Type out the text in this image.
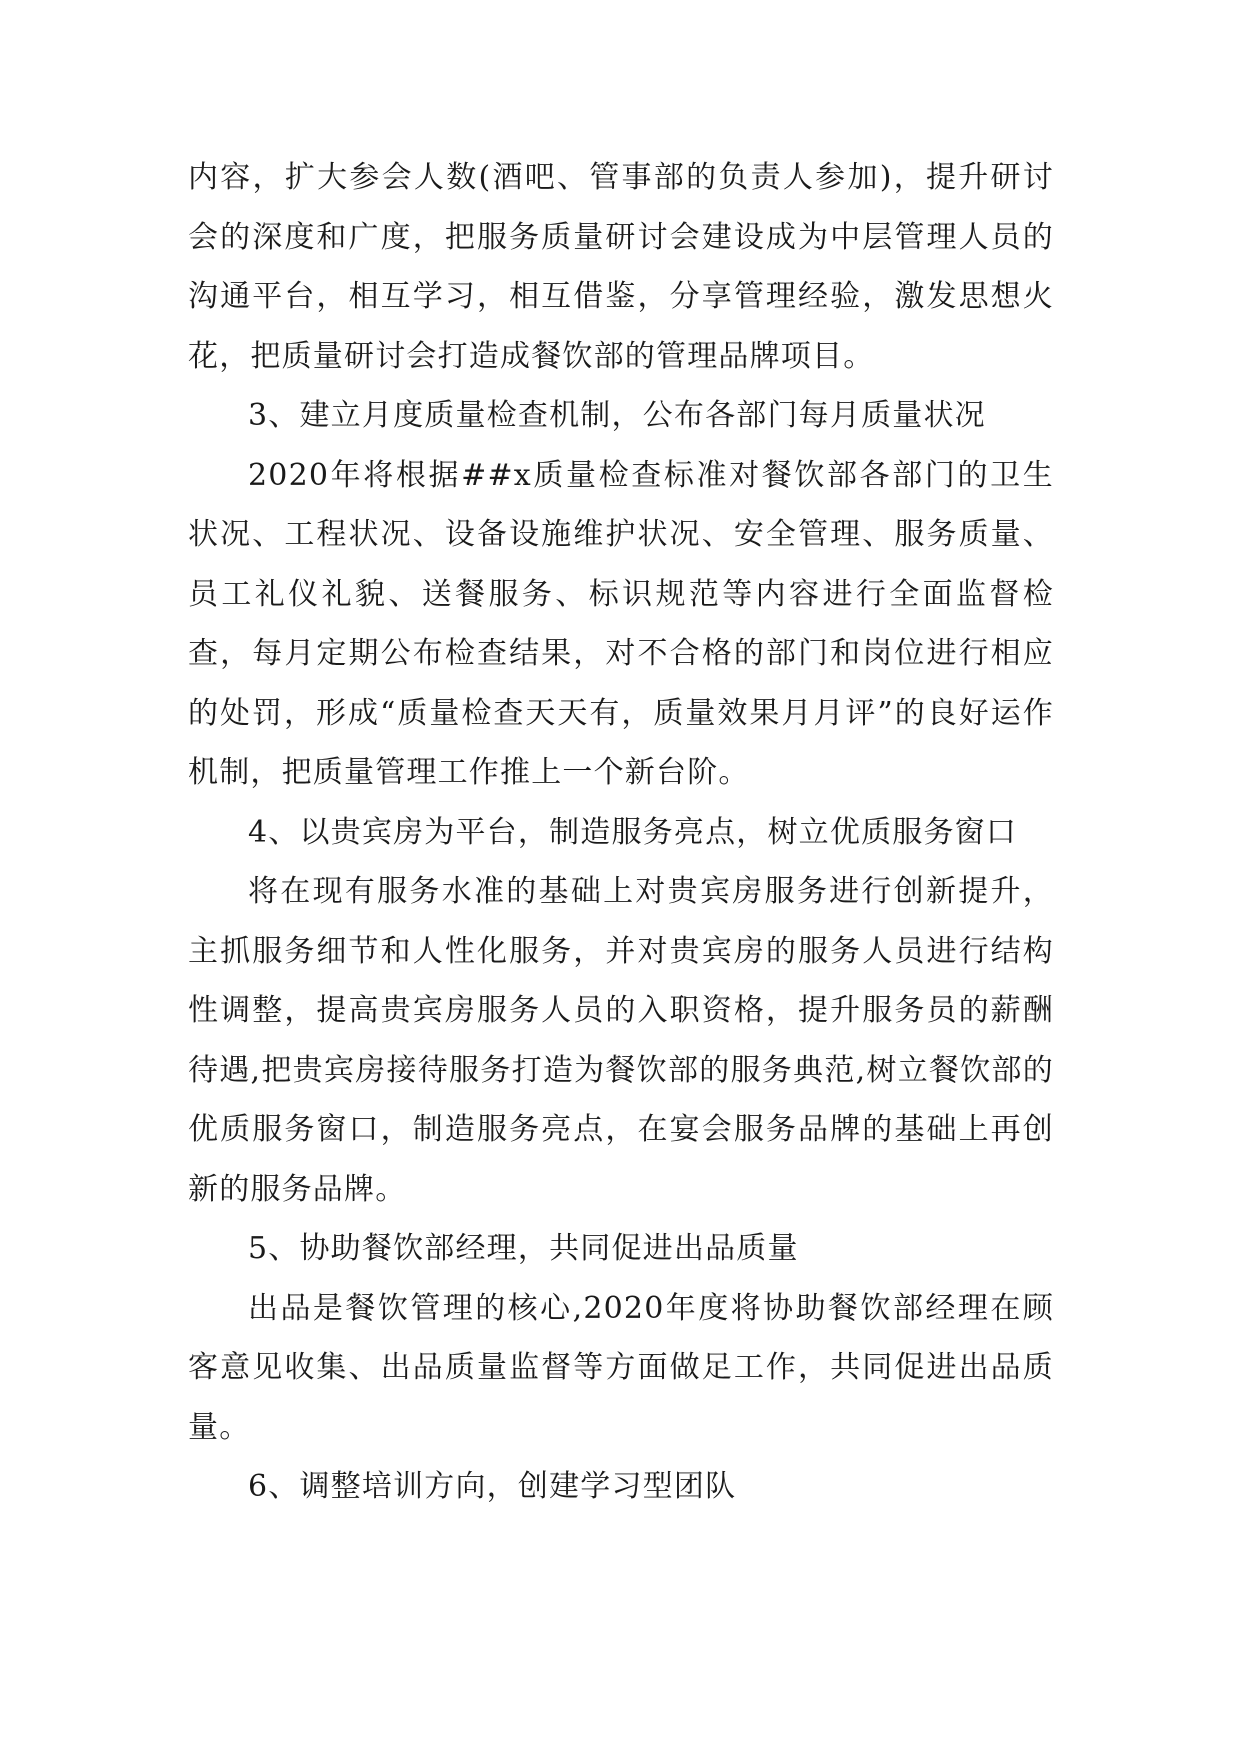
内容，扩大参会人数(酒吧、管事部的负责人参加)，提升研讨会的深度和广度，把服务质量研讨会建设成为中层管理人员的沟通平台，相互学习，相互借鉴，分享管理经验，激发思想火花，把质量研讨会打造成餐饮部的管理品牌项目。

3、建立月度质量检查机制，公布各部门每月质量状况

2020年将根据##x质量检查标准对餐饮部各部门的卫生状况、工程状况、设备设施维护状况、安全管理、服务质量、员工礼仪礼貌、送餐服务、标识规范等内容进行全面监督检查，每月定期公布检查结果，对不合格的部门和岗位进行相应的处罚，形成“质量检查天天有，质量效果月月评”的良好运作机制，把质量管理工作推上一个新台阶。

4、以贵宾房为平台，制造服务亮点，树立优质服务窗口

将在现有服务水准的基础上对贵宾房服务进行创新提升，主抓服务细节和人性化服务，并对贵宾房的服务人员进行结构性调整，提高贵宾房服务人员的入职资格，提升服务员的薪酬待遇,把贵宾房接待服务打造为餐饮部的服务典范,树立餐饮部的优质服务窗口，制造服务亮点，在宴会服务品牌的基础上再创新的服务品牌。

5、协助餐饮部经理，共同促进出品质量

出品是餐饮管理的核心,2020年度将协助餐饮部经理在顾客意见收集、出品质量监督等方面做足工作，共同促进出品质量。

6、调整培训方向，创建学习型团队
